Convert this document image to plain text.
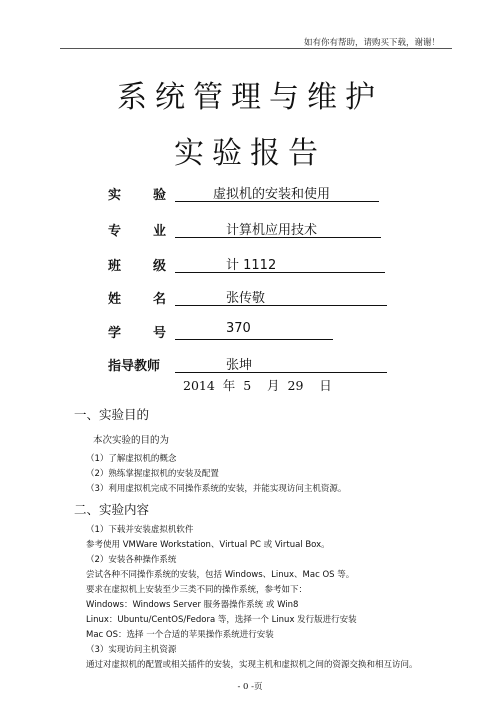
如有你有帮助，请购买下载，谢谢！
系统管理与维护
实验报告
实 验	虚拟机的安装和使用
专 业	计算机应用技术
班 级	计 1112
姓 名	张传敬
学 号	370
指导教师	张坤
2014  年  5    月  29    日
一、实验目的
本次实验的目的为
（1）了解虚拟机的概念
（2）熟练掌握虚拟机的安装及配置
（3）利用虚拟机完成不同操作系统的安装，并能实现访问主机资源。
二、实验内容
（1）下载并安装虚拟机软件
参考使用 VMWare Workstation、Virtual PC 或 Virtual Box。
（2）安装各种操作系统
尝试各种不同操作系统的安装，包括 Windows、Linux、Mac OS 等。
要求在虚拟机上安装至少三类不同的操作系统，参考如下：
Windows：Windows Server 服务器操作系统 或 Win8
Linux：Ubuntu/CentOS/Fedora 等，选择一个 Linux 发行版进行安装
Mac OS：选择 一个合适的苹果操作系统进行安装
（3）实现访问主机资源
通过对虚拟机的配置或相关插件的安装，实现主机和虚拟机之间的资源交换和相互访问。
- 0 -页
